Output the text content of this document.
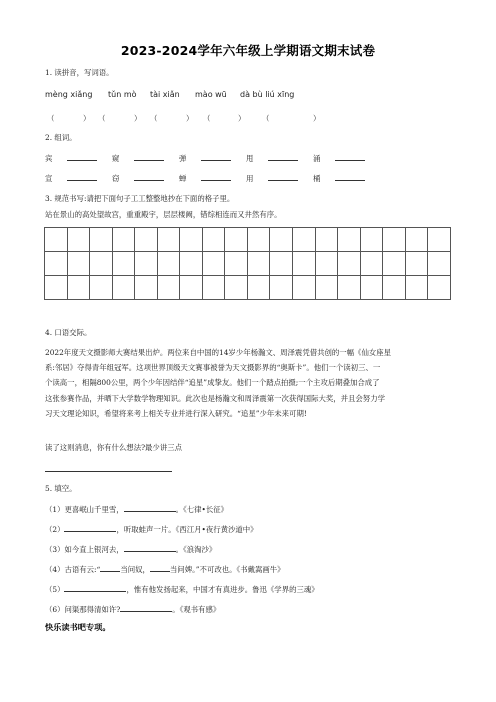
2023-2024学年六年级上学期语文期末试卷
1. 读拼音，写词语。
mèng xiǎng tǔn mò tài xiǎn mào wū dà bù liú xīng
（	） （	） （	） （	） （	）
2. 组词。
宾	窥	弹	甩	涌
宣	窃	蝉	用	桶
3. 规范书写:请把下面句子工工整整地抄在下面的格子里。
站在景山的高处望故宫，重重殿宇，层层楼阙，错综相连而又井然有序。

4. 口语交际。
2022年度天文摄影师大赛结果出炉。两位来自中国的14岁少年杨瀚文、周泽震凭借共创的一幅《仙女座星
系:邻居》夺得青年组冠军。这项世界顶级天文赛事被誉为天文摄影界的“奥斯卡”。他们一个读初三、一
个读高一，相隔800公里，两个少年因结伴“追星”成挚友。他们一个踏点拍摄;一个主攻后期叠加合成了
这张参赛作品，并晒下大学数学物理知识。此次也是杨瀚文和周泽震第一次获得国际大奖，并且会努力学
习天文理论知识，希望将来考上相关专业并进行深入研究。“追星”少年未来可期!
读了这则消息，你有什么想法?最少讲三点
5. 填空。
（1）更喜岷山千里雪，	。《七律•长征》
（2）	，听取蛙声一片。《西江月•夜行黄沙道中》
（3）如今直上银河去，	。《浪淘沙》
（4）古语有云:“	当问奴，	当问婢。”不可改也。《书戴嵩画牛》
（5）	，惟有他发扬起来，中国才有真进步。鲁迅《学界的三魂》
（6）问渠那得清如许?	。《观书有感》
快乐读书吧专项。
